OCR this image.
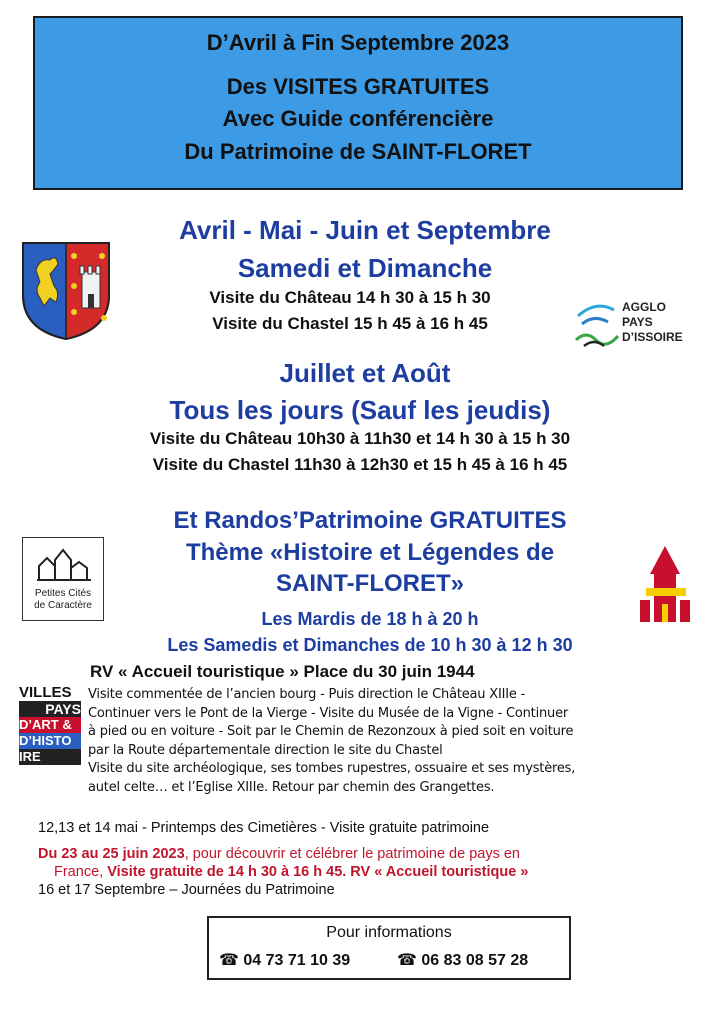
D’Avril à Fin Septembre 2023
Des VISITES GRATUITES
Avec Guide conférencière
Du Patrimoine de SAINT-FLORET
Avril - Mai - Juin et Septembre
Samedi et Dimanche
Visite du Château 14 h 30 à 15 h 30
Visite du Chastel 15 h 45 à 16 h 45
AGGLO
PAYS
D’ISSOIRE
Juillet et Août
Tous les jours (Sauf les jeudis)
Visite du Château 10h30 à 11h30 et 14 h 30 à 15 h 30
Visite du Chastel 11h30 à 12h30 et 15 h 45 à 16 h 45
Petites Cités
de Caractère
Et Randos’Patrimoine GRATUITES
Thème «Histoire et Légendes de
SAINT-FLORET»
Les Mardis de 18 h à 20 h
Les Samedis et Dimanches de 10 h 30 à 12 h 30
RV « Accueil touristique » Place du 30 juin 1944
VILLES
PAYS
D’ART &
D’HISTO
IRE
Visite commentée de l’ancien bourg - Puis direction le Château XIIIe -
Continuer vers le Pont de la Vierge - Visite du Musée de la Vigne - Continuer
à pied ou en voiture - Soit par le Chemin de Rezonzoux à pied soit en voiture
par la Route départementale direction le site du Chastel
Visite du site archéologique, ses tombes rupestres, ossuaire et ses mystères,
autel celte… et l’Eglise XIIIe. Retour par chemin des Grangettes.
12,13 et 14 mai - Printemps des Cimetières - Visite gratuite patrimoine
Du 23 au 25 juin 2023, pour découvrir et célébrer le patrimoine de pays en
France, Visite gratuite de 14 h 30 à 16 h 45. RV « Accueil touristique »
16 et 17 Septembre – Journées du Patrimoine
Pour informations
☎ 04 73 71 10 39	☎ 06 83 08 57 28
